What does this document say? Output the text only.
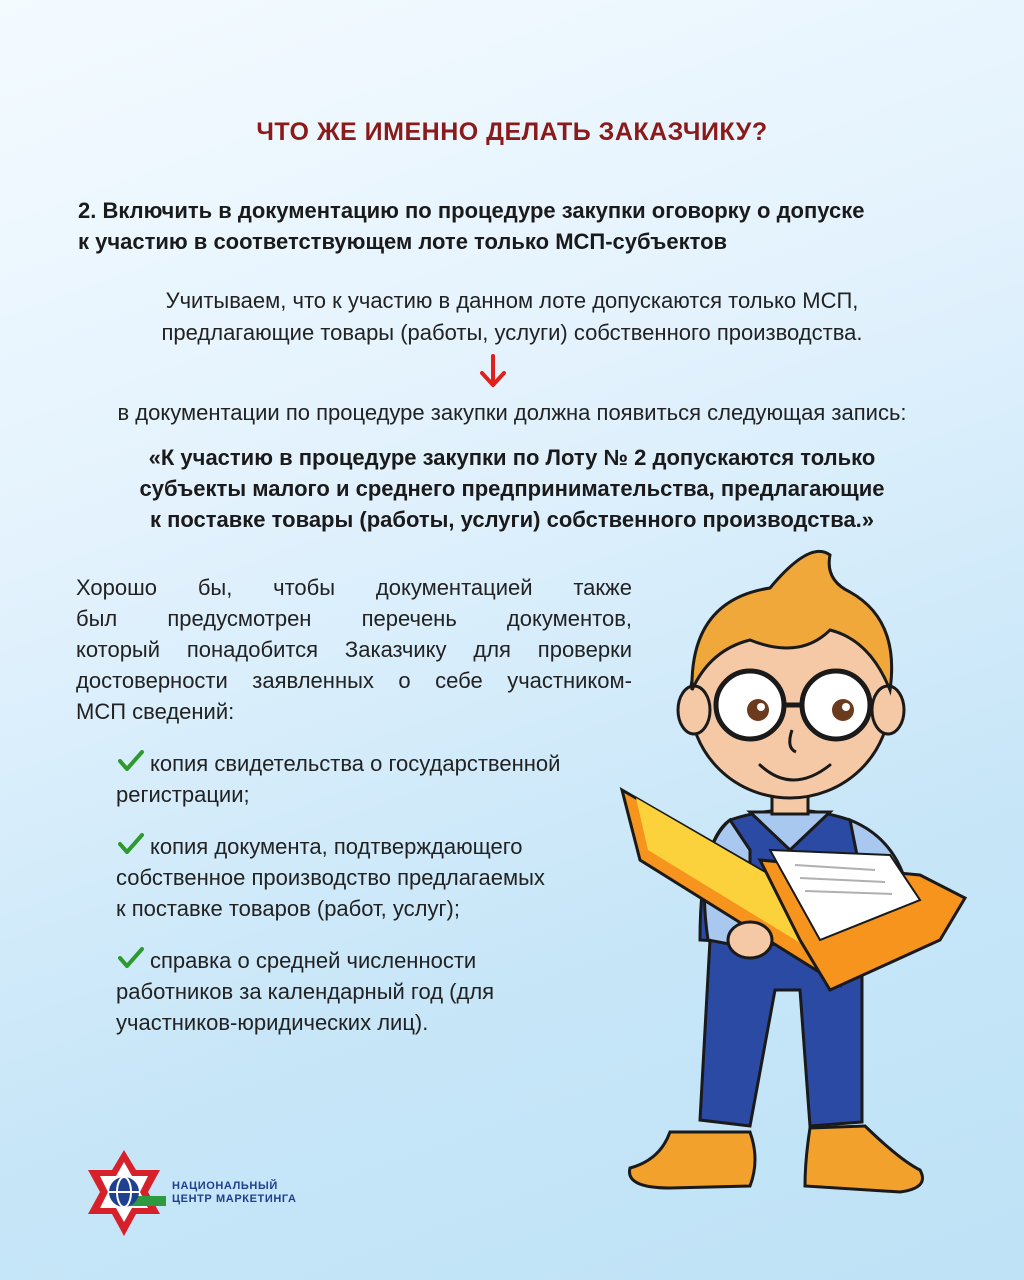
ЧТО ЖЕ ИМЕННО ДЕЛАТЬ ЗАКАЗЧИКУ?
2. Включить в документацию по процедуре закупки оговорку о допуске
к участию в соответствующем лоте только МСП-субъектов
Учитываем, что к участию в данном лоте допускаются только МСП,
предлагающие товары (работы, услуги) собственного производства.
в документации по процедуре закупки должна появиться следующая запись:
«К участию в процедуре закупки по Лоту № 2 допускаются только
субъекты малого и среднего предпринимательства, предлагающие
к поставке товары (работы, услуги) собственного производства.»
Хорошо бы, чтобы документацией также
был предусмотрен перечень документов,
который понадобится Заказчику для проверки
достоверности заявленных о себе участником-
МСП сведений:
копия свидетельства о государственной
регистрации;
копия документа, подтверждающего
собственное производство предлагаемых
к поставке товаров (работ, услуг);
справка о средней численности
работников за календарный год (для
участников-юридических лиц).
НАЦИОНАЛЬНЫЙ
ЦЕНТР МАРКЕТИНГА
